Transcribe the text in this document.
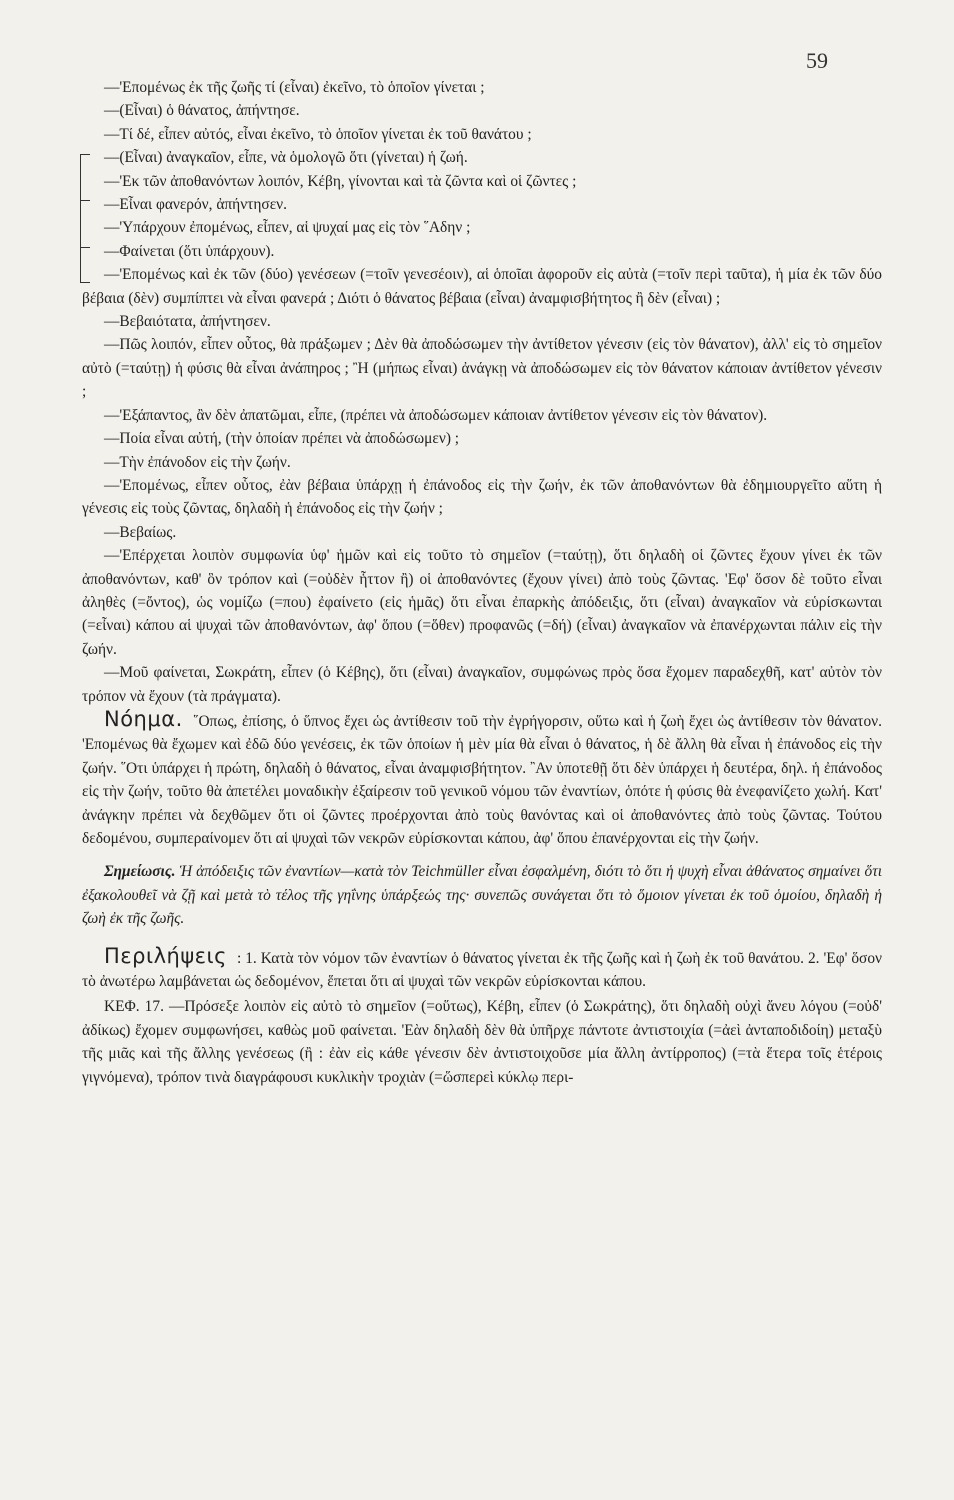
59

—'Επομένως ἐκ τῆς ζωῆς τί (εἶναι) ἐκεῖνο, τὸ ὁποῖον γίνεται ;

—(Εἶναι) ὁ θάνατος, ἀπήντησε.

—Τί δέ, εἶπεν αὐτός, εἶναι ἐκεῖνο, τὸ ὁποῖον γίνεται ἐκ τοῦ θανάτου ;

—(Εἶναι) ἀναγκαῖον, εἶπε, νὰ ὁμολογῶ ὅτι (γίνεται) ἡ ζωή.

—'Εκ τῶν ἀποθανόντων λοιπόν, Κέβη, γίνονται καὶ τὰ ζῶντα καὶ οἱ ζῶντες ;

—Εἶναι φανερόν, ἀπήντησεν.

—'Υπάρχουν ἐπομένως, εἶπεν, αἱ ψυχαί μας εἰς τὸν ῞Αδην ;

—Φαίνεται (ὅτι ὑπάρχουν).

—'Επομένως καὶ ἐκ τῶν (δύο) γενέσεων (=τοῖν γενεσέοιν), αἱ ὁποῖαι ἀφοροῦν εἰς αὐτὰ (=τοῖν περὶ ταῦτα), ἡ μία ἐκ τῶν δύο βέβαια (δὲν) συμπίπτει νὰ εἶναι φανερά ; Διότι ὁ θάνατος βέβαια (εἶναι) ἀναμφισβήτητος ἢ δὲν (εἶναι) ;

—Βεβαιότατα, ἀπήντησεν.

—Πῶς λοιπόν, εἶπεν οὗτος, θὰ πράξωμεν ; Δὲν θὰ ἀποδώσωμεν τὴν ἀντίθετον γένεσιν (εἰς τὸν θάνατον), ἀλλ' εἰς τὸ σημεῖον αὐτὸ (=ταύτῃ) ἡ φύσις θὰ εἶναι ἀνάπηρος ; Ἢ (μήπως εἶναι) ἀνάγκῃ νὰ ἀποδώσωμεν εἰς τὸν θάνατον κάποιαν ἀντίθετον γένεσιν ;

—'Εξάπαντος, ἂν δὲν ἀπατῶμαι, εἶπε, (πρέπει νὰ ἀποδώσωμεν κάποιαν ἀντίθετον γένεσιν εἰς τὸν θάνατον).

—Ποία εἶναι αὐτή, (τὴν ὁποίαν πρέπει νὰ ἀποδώσωμεν) ;

—Τὴν ἐπάνοδον εἰς τὴν ζωήν.

—'Επομένως, εἶπεν οὗτος, ἐὰν βέβαια ὑπάρχῃ ἡ ἐπάνοδος εἰς τὴν ζωήν, ἐκ τῶν ἀποθανόντων θὰ ἐδημιουργεῖτο αὕτη ἡ γένεσις εἰς τοὺς ζῶντας, δηλαδὴ ἡ ἐπάνοδος εἰς τὴν ζωήν ;

—Βεβαίως.

—'Επέρχεται λοιπὸν συμφωνία ὑφ' ἡμῶν καὶ εἰς τοῦτο τὸ σημεῖον (=ταύτῃ), ὅτι δηλαδὴ οἱ ζῶντες ἔχουν γίνει ἐκ τῶν ἀποθανόντων, καθ' ὃν τρόπον καὶ (=οὐδὲν ἧττον ἢ) οἱ ἀποθανόντες (ἔχουν γίνει) ἀπὸ τοὺς ζῶντας. 'Εφ' ὅσον δὲ τοῦτο εἶναι ἀληθὲς (=ὄντος), ὡς νομίζω (=που) ἐφαίνετο (εἰς ἡμᾶς) ὅτι εἶναι ἐπαρκὴς ἀπόδειξις, ὅτι (εἶναι) ἀναγκαῖον νὰ εὑρίσκωνται (=εἶναι) κάπου αἱ ψυχαὶ τῶν ἀποθανόντων, ἀφ' ὅπου (=ὅθεν) προφανῶς (=δή) (εἶναι) ἀναγκαῖον νὰ ἐπανέρχωνται πάλιν εἰς τὴν ζωήν.

—Μοῦ φαίνεται, Σωκράτη, εἶπεν (ὁ Κέβης), ὅτι (εἶναι) ἀναγκαῖον, συμφώνως πρὸς ὅσα ἔχομεν παραδεχθῆ, κατ' αὐτὸν τὸν τρόπον νὰ ἔχουν (τὰ πράγματα).

Νόημα. ῞Οπως, ἐπίσης, ὁ ὕπνος ἔχει ὡς ἀντίθεσιν τοῦ τὴν ἐγρήγορσιν, οὕτω καὶ ἡ ζωὴ ἔχει ὡς ἀντίθεσιν τὸν θάνατον. 'Επομένως θὰ ἔχωμεν καὶ ἐδῶ δύο γενέσεις, ἐκ τῶν ὁποίων ἡ μὲν μία θὰ εἶναι ὁ θάνατος, ἡ δὲ ἄλλη θὰ εἶναι ἡ ἐπάνοδος εἰς τὴν ζωήν. ῞Οτι ὑπάρχει ἡ πρώτη, δηλαδὴ ὁ θάνατος, εἶναι ἀναμφισβήτητον. ῍Αν ὑποτεθῇ ὅτι δὲν ὑπάρχει ἡ δευτέρα, δηλ. ἡ ἐπάνοδος εἰς τὴν ζωήν, τοῦτο θὰ ἀπετέλει μοναδικὴν ἐξαίρεσιν τοῦ γενικοῦ νόμου τῶν ἐναντίων, ὁπότε ἡ φύσις θὰ ἐνεφανίζετο χωλή. Κατ' ἀνάγκην πρέπει νὰ δεχθῶμεν ὅτι οἱ ζῶντες προέρχονται ἀπὸ τοὺς θανόντας καὶ οἱ ἀποθανόντες ἀπὸ τοὺς ζῶντας. Τούτου δεδομένου, συμπεραίνομεν ὅτι αἱ ψυχαὶ τῶν νεκρῶν εὑρίσκονται κάπου, ἀφ' ὅπου ἐπανέρχονται εἰς τὴν ζωήν.

Σημείωσις. Ἡ ἀπόδειξις τῶν ἐναντίων—κατὰ τὸν Teichmüller εἶναι ἐσφαλμένη, διότι τὸ ὅτι ἡ ψυχὴ εἶναι ἀθάνατος σημαίνει ὅτι ἐξακολουθεῖ νὰ ζῇ καὶ μετὰ τὸ τέλος τῆς γηΐνης ὑπάρξεώς της· συνεπῶς συνάγεται ὅτι τὸ ὅμοιον γίνεται ἐκ τοῦ ὁμοίου, δηλαδὴ ἡ ζωὴ ἐκ τῆς ζωῆς.

Περιλήψεις : 1. Κατὰ τὸν νόμον τῶν ἐναντίων ὁ θάνατος γίνεται ἐκ τῆς ζωῆς καὶ ἡ ζωὴ ἐκ τοῦ θανάτου. 2. 'Εφ' ὅσον τὸ ἀνωτέρω λαμβάνεται ὡς δεδομένον, ἕπεται ὅτι αἱ ψυχαὶ τῶν νεκρῶν εὑρίσκονται κάπου.

ΚΕΦ. 17. —Πρόσεξε λοιπὸν εἰς αὐτὸ τὸ σημεῖον (=οὕτως), Κέβη, εἶπεν (ὁ Σωκράτης), ὅτι δηλαδὴ οὐχὶ ἄνευ λόγου (=οὐδ' ἀδίκως) ἔχομεν συμφωνήσει, καθὼς μοῦ φαίνεται. 'Εὰν δηλαδὴ δὲν θὰ ὑπῆρχε πάντοτε ἀντιστοιχία (=ἀεὶ ἀνταποδιδοίη) μεταξὺ τῆς μιᾶς καὶ τῆς ἄλλης γενέσεως (ἢ : ἐὰν εἰς κάθε γένεσιν δὲν ἀντιστοιχοῦσε μία ἄλλη ἀντίρροπος) (=τὰ ἕτερα τοῖς ἑτέροις γιγνόμενα), τρόπον τινὰ διαγράφουσι κυκλικὴν τροχιὰν (=ὥσπερεὶ κύκλῳ περι-
